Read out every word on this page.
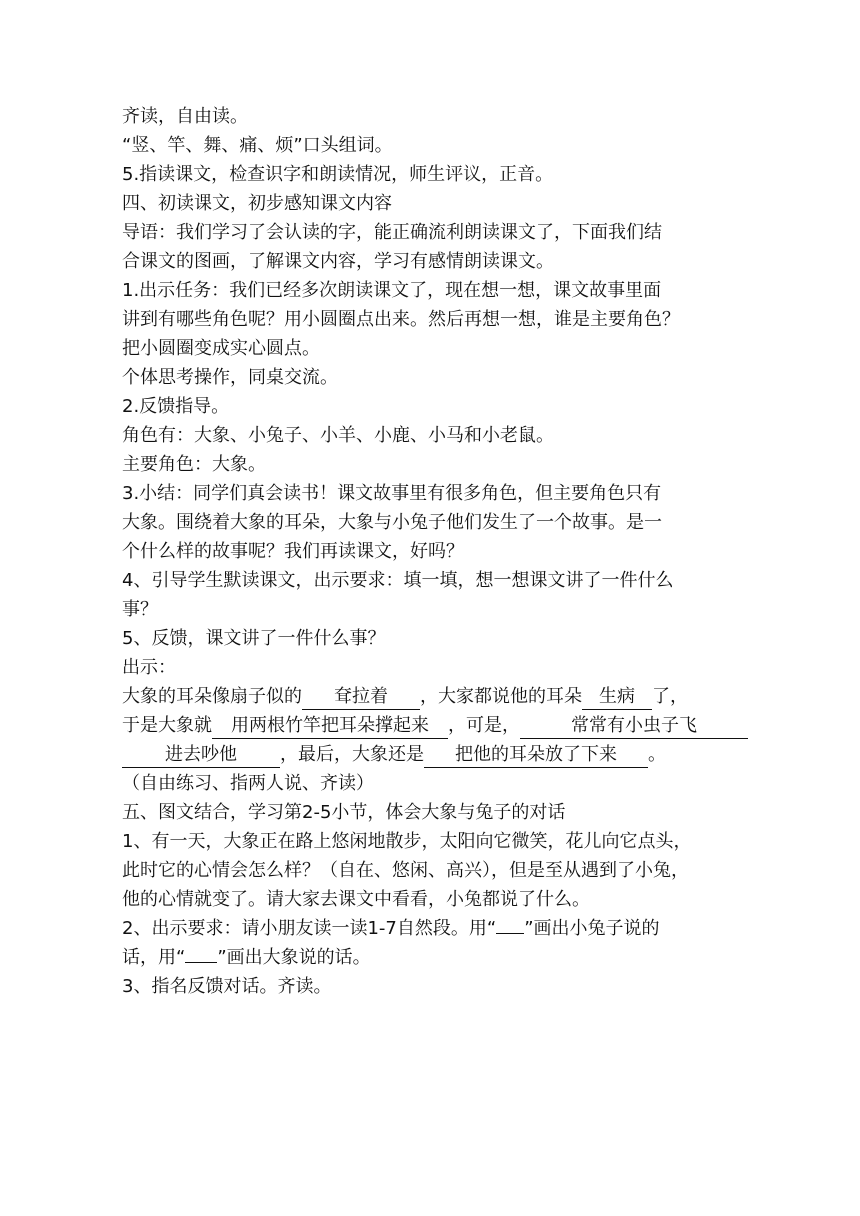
齐读，自由读。
“竖、竿、舞、痛、烦”口头组词。
5.指读课文，检查识字和朗读情况，师生评议，正音。
四、初读课文，初步感知课文内容
导语：我们学习了会认读的字，能正确流利朗读课文了，下面我们结
合课文的图画，了解课文内容，学习有感情朗读课文。
1.出示任务：我们已经多次朗读课文了，现在想一想，课文故事里面
讲到有哪些角色呢？用小圆圈点出来。然后再想一想，谁是主要角色？
把小圆圈变成实心圆点。
个体思考操作，同桌交流。
2.反馈指导。
角色有：大象、小兔子、小羊、小鹿、小马和小老鼠。
主要角色：大象。
3.小结：同学们真会读书！课文故事里有很多角色，但主要角色只有
大象。围绕着大象的耳朵，大象与小兔子他们发生了一个故事。是一
个什么样的故事呢？我们再读课文，好吗？
4、引导学生默读课文，出示要求：填一填，想一想课文讲了一件什么
事？
5、反馈，课文讲了一件什么事？
出示：
大象的耳朵像扇子似的 耷拉着 ，大家都说他的耳朵 生病 了，
于是大象就 用两根竹竿把耳朵撑起来 ，可是，	常常有小虫子飞
进去吵他 ，最后，大象还是 把他的耳朵放了下来 。
（自由练习、指两人说、齐读）
五、图文结合，学习第2-5小节，体会大象与兔子的对话
1、有一天，大象正在路上悠闲地散步，太阳向它微笑，花儿向它点头，
此时它的心情会怎么样？（自在、悠闲、高兴），但是至从遇到了小兔，
他的心情就变了。请大家去课文中看看，小兔都说了什么。
2、出示要求：请小朋友读一读1-7自然段。用“ ”画出小兔子说的
话，用“ ”画出大象说的话。
3、指名反馈对话。齐读。
